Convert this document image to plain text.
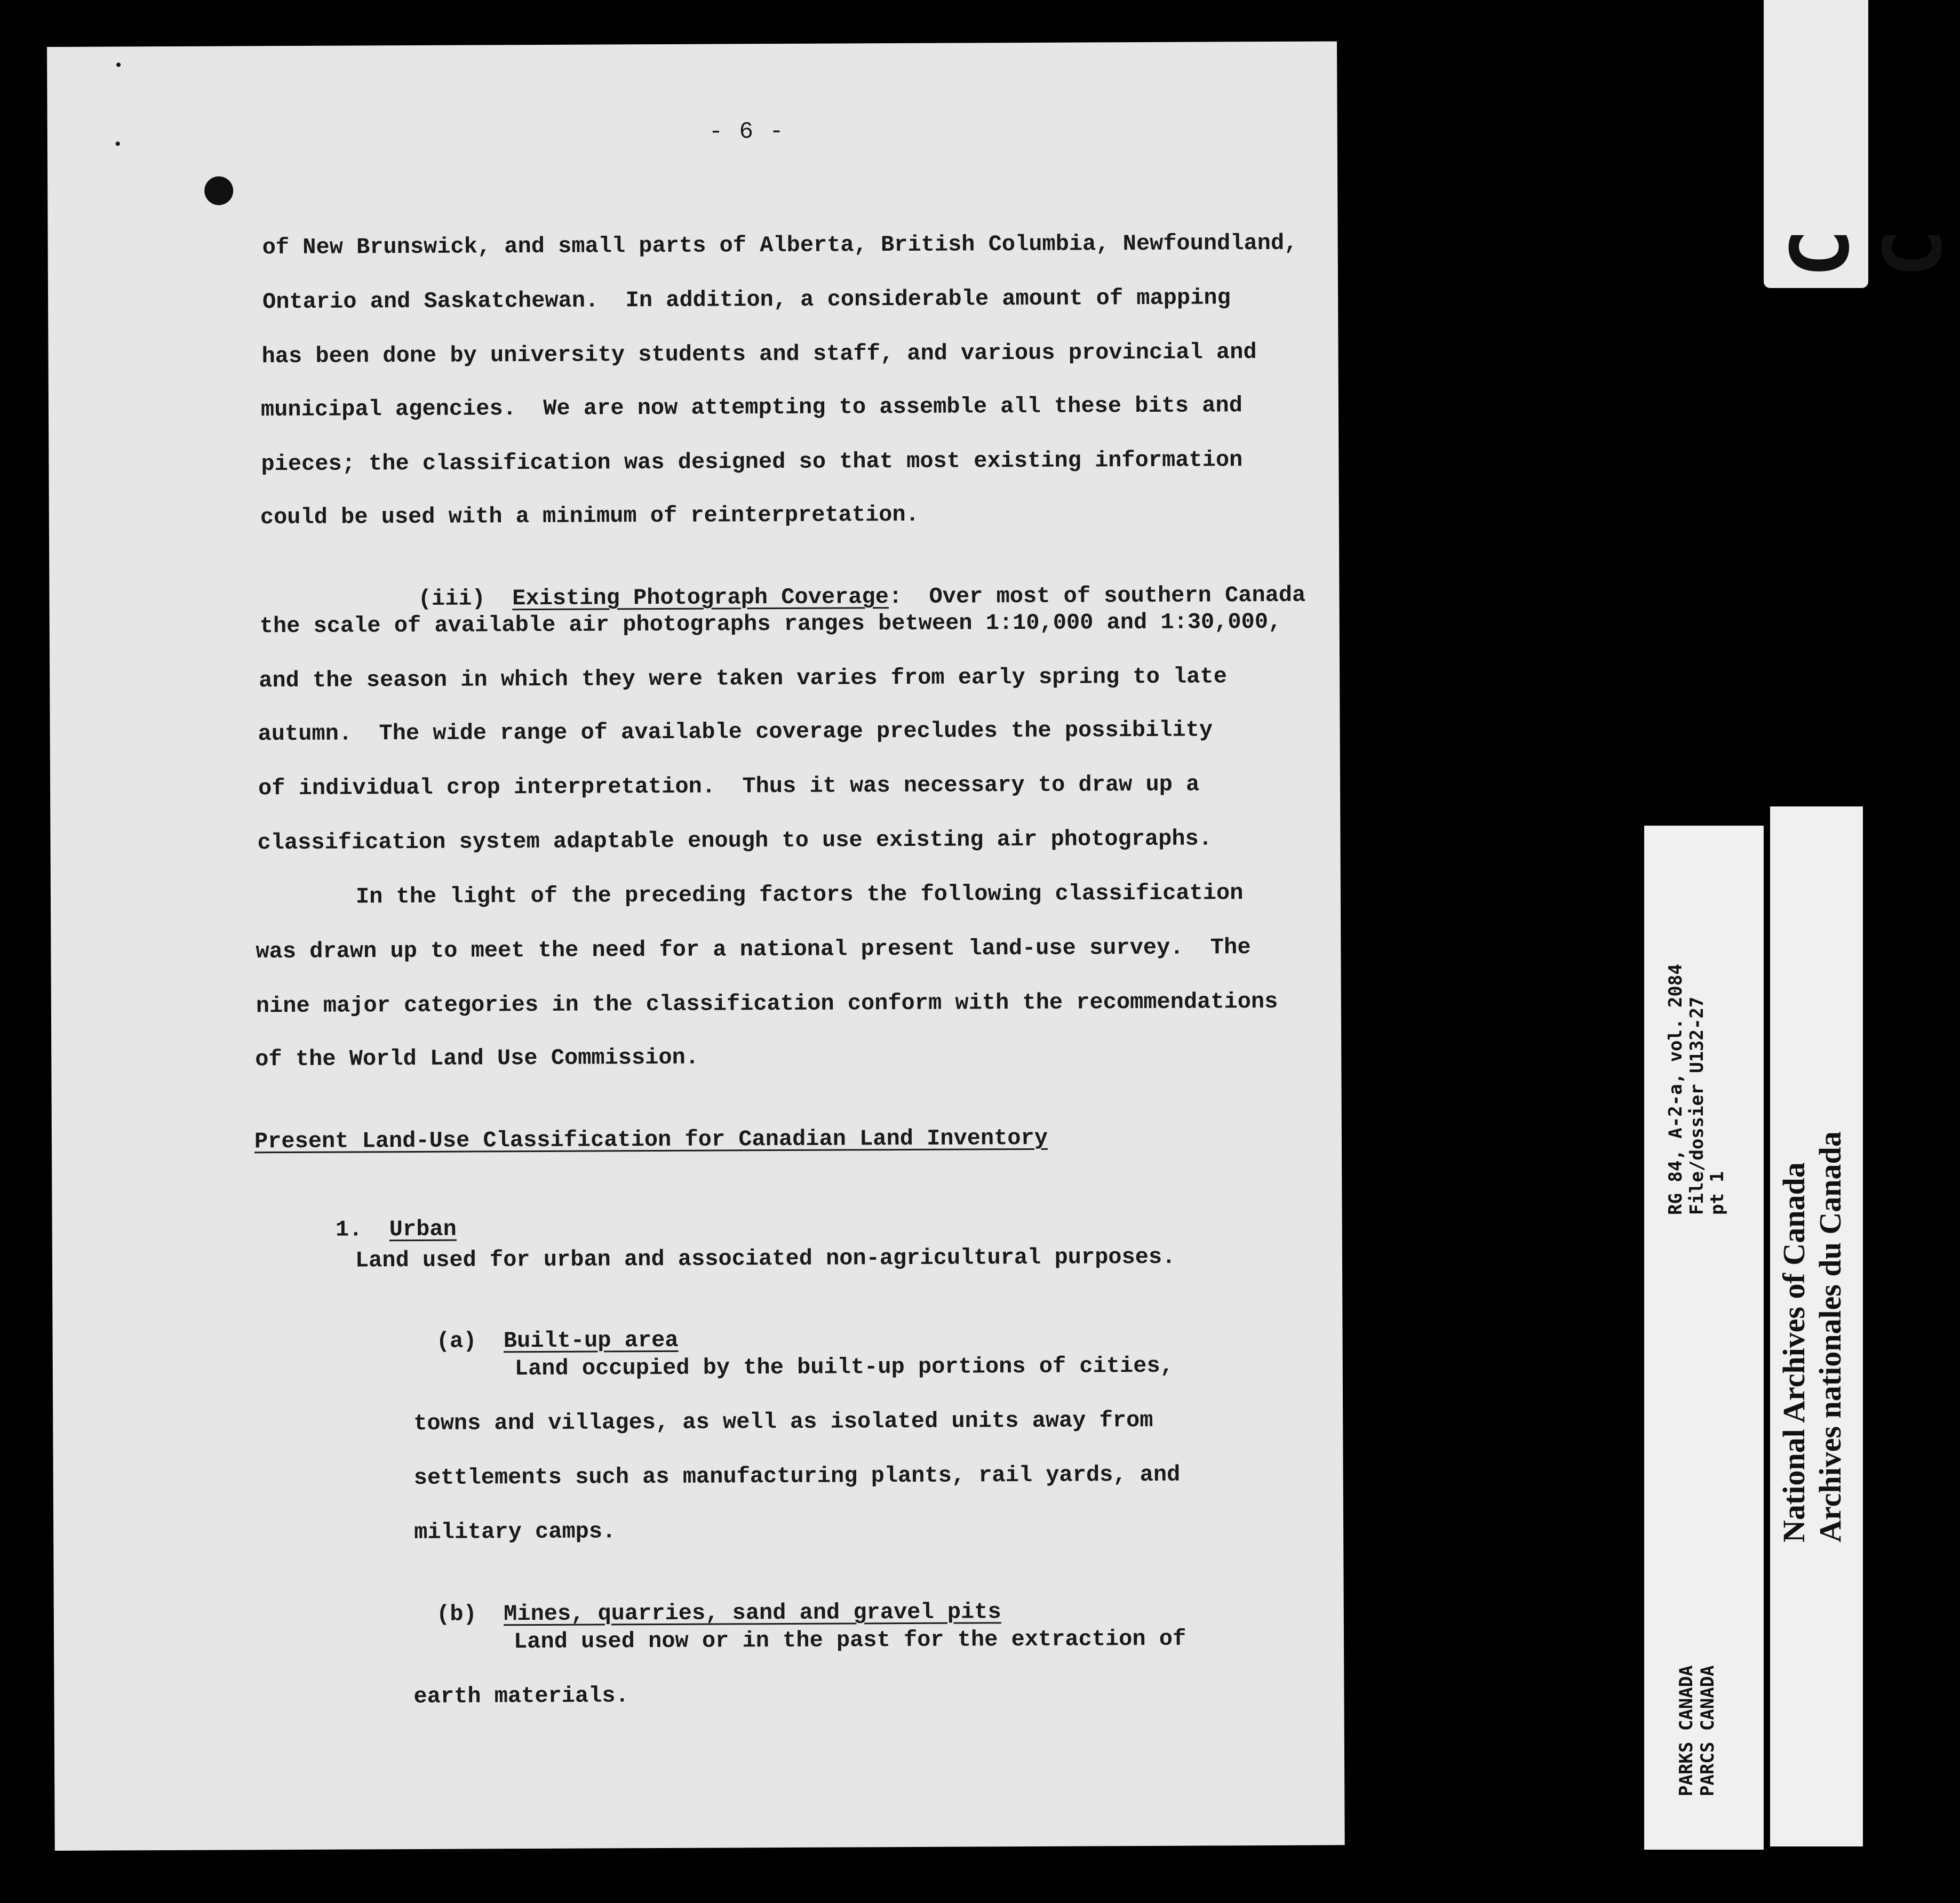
- 6 -
of New Brunswick, and small parts of Alberta, British Columbia, Newfoundland,
Ontario and Saskatchewan.  In addition, a considerable amount of mapping
has been done by university students and staff, and various provincial and
municipal agencies.  We are now attempting to assemble all these bits and
pieces; the classification was designed so that most existing information
could be used with a minimum of reinterpretation.

(iii) Existing Photograph Coverage: Over most of southern Canada

the scale of available air photographs ranges between 1:10,000 and 1:30,000,
and the season in which they were taken varies from early spring to late
autumn.  The wide range of available coverage precludes the possibility
of individual crop interpretation.  Thus it was necessary to draw up a
classification system adaptable enough to use existing air photographs.
In the light of the preceding factors the following classification
was drawn up to meet the need for a national present land-use survey.  The
nine major categories in the classification conform with the recommendations
of the World Land Use Commission.
Present Land-Use Classification for Canadian Land Inventory

1. Urban

Land used for urban and associated non-agricultural purposes.

(a) Built-up area

Land occupied by the built-up portions of cities,
towns and villages, as well as isolated units away from
settlements such as manufacturing plants, rail yards, and
military camps.

(b) Mines, quarries, sand and gravel pits

Land used now or in the past for the extraction of
earth materials.
C C
RG 84, A-2-a, vol. 2084 File/dossier U132-27
pt 1
PARKS CANADA PARCS CANADA
National Archives of Canada Archives nationales du Canada
